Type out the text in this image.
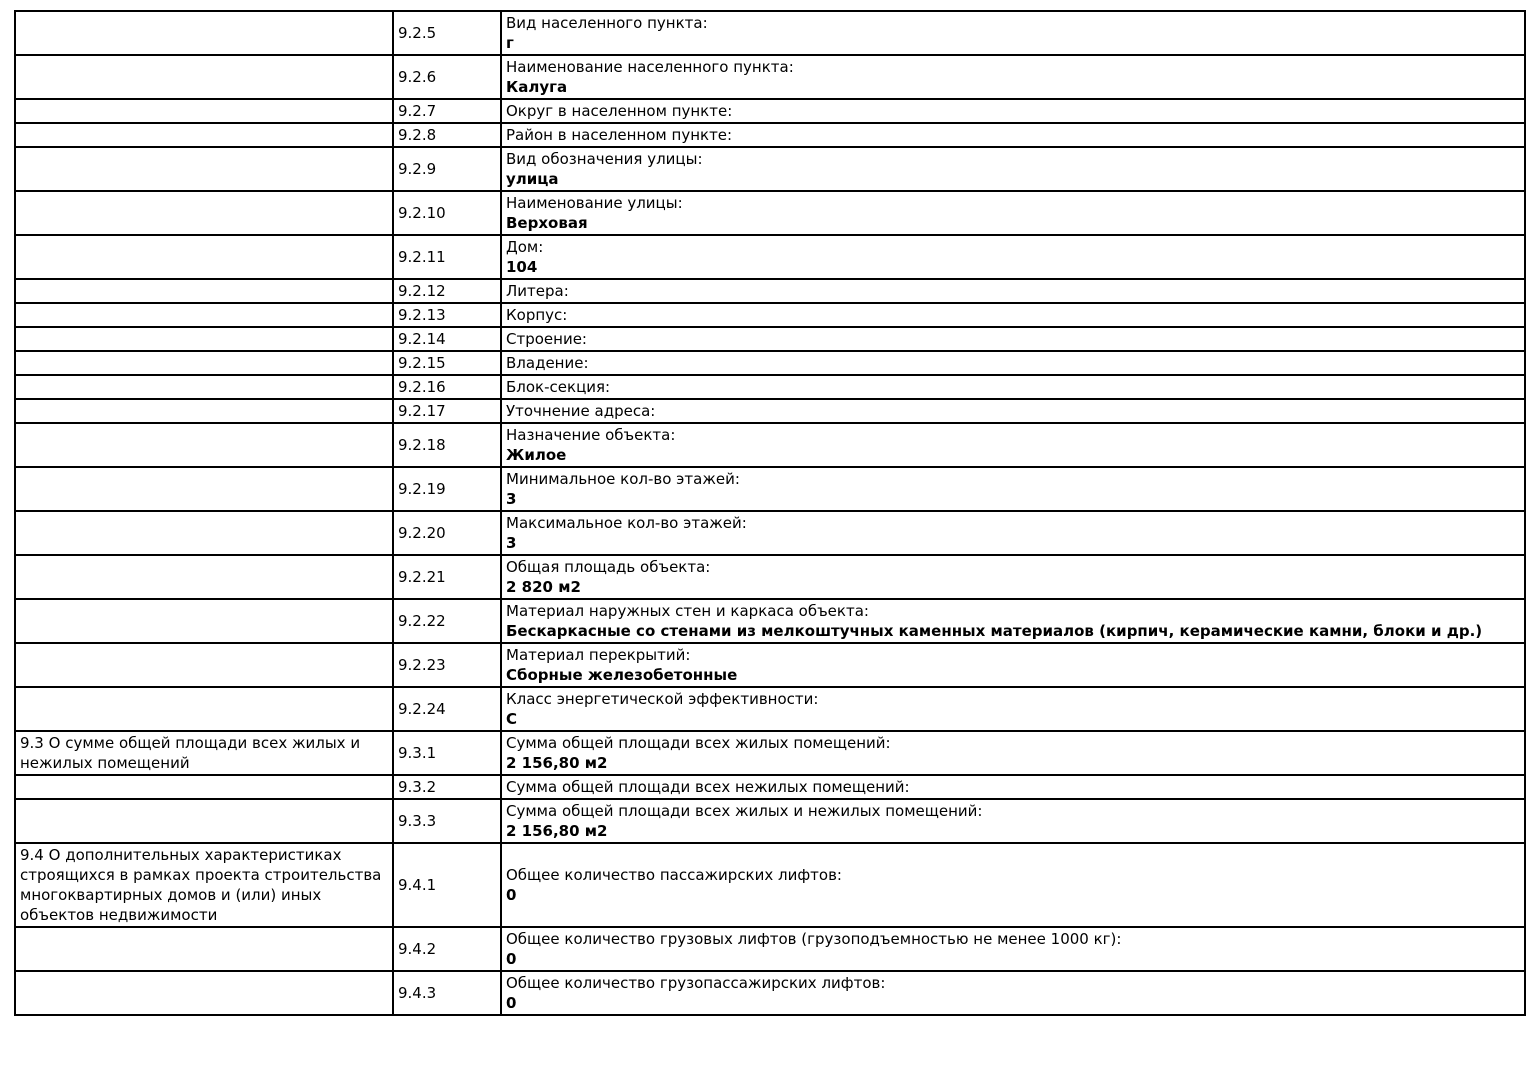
	9.2.5	Вид населенного пункта:
г

	9.2.6	Наименование населенного пункта:
Калуга

	9.2.7	Округ в населенном пункте:

	9.2.8	Район в населенном пункте:

	9.2.9	Вид обозначения улицы:
улица

	9.2.10	Наименование улицы:
Верховая

	9.2.11	Дом:
104

	9.2.12	Литера:

	9.2.13	Корпус:

	9.2.14	Строение:

	9.2.15	Владение:

	9.2.16	Блок-секция:

	9.2.17	Уточнение адреса:

	9.2.18	Назначение объекта:
Жилое

	9.2.19	Минимальное кол-во этажей:
3

	9.2.20	Максимальное кол-во этажей:
3

	9.2.21	Общая площадь объекта:
2 820 м2

	9.2.22	Материал наружных стен и каркаса объекта:
Бескаркасные со стенами из мелкоштучных каменных материалов (кирпич, керамические камни, блоки и др.)

	9.2.23	Материал перекрытий:
Сборные железобетонные

	9.2.24	Класс энергетической эффективности:
С

9.3 О сумме общей площади всех жилых и нежилых помещений	9.3.1	Сумма общей площади всех жилых помещений:
2 156,80 м2

	9.3.2	Сумма общей площади всех нежилых помещений:

	9.3.3	Сумма общей площади всех жилых и нежилых помещений:
2 156,80 м2

9.4 О дополнительных характеристиках строящихся в рамках проекта строительства многоквартирных домов и (или) иных объектов недвижимости	9.4.1	Общее количество пассажирских лифтов:
0

	9.4.2	Общее количество грузовых лифтов (грузоподъемностью не менее 1000 кг):
0

	9.4.3	Общее количество грузопассажирских лифтов:
0
